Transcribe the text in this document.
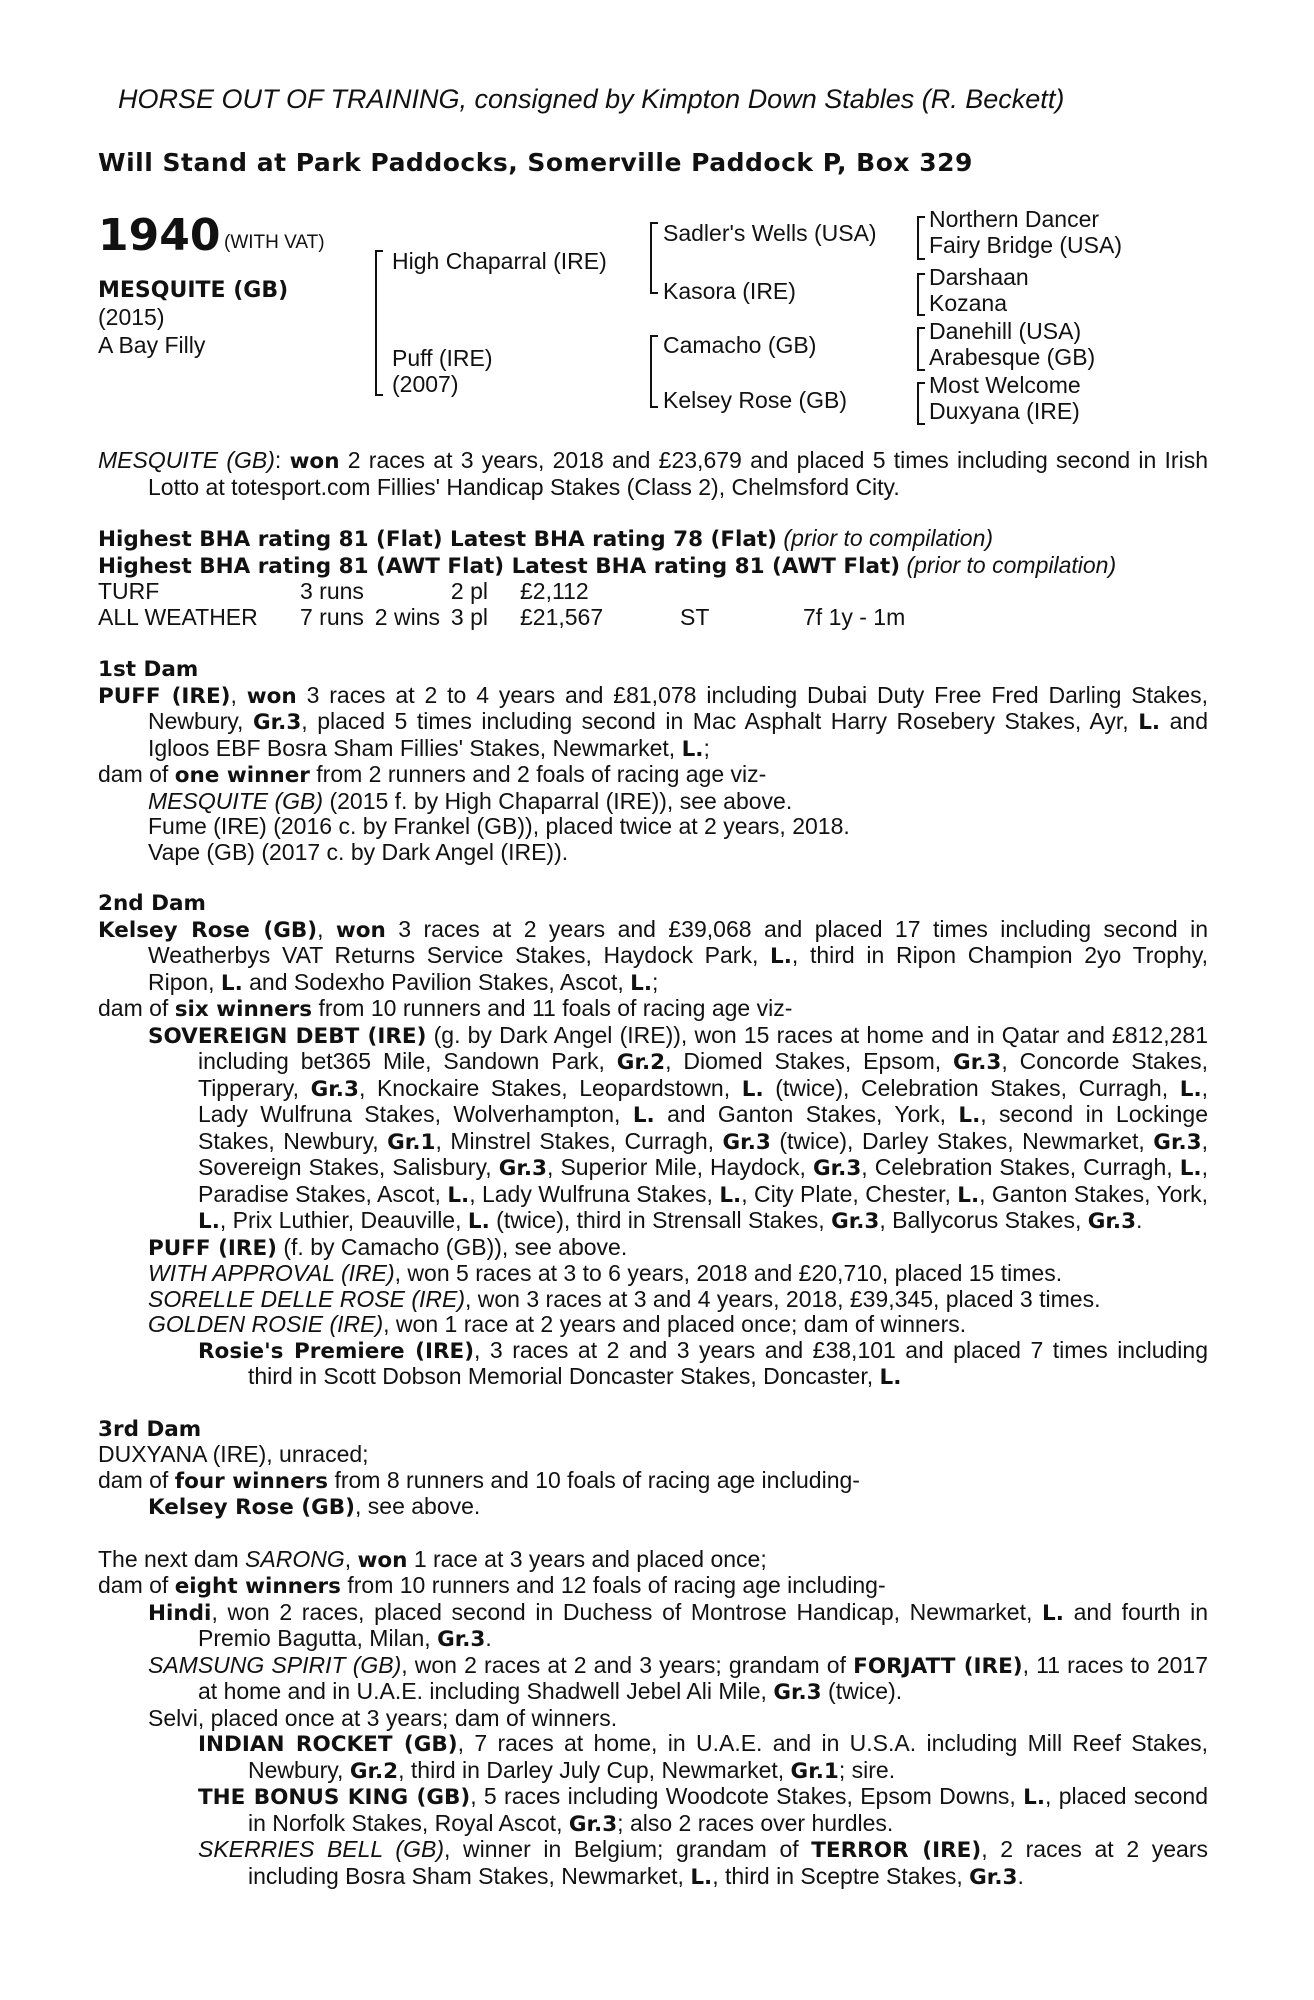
HORSE OUT OF TRAINING, consigned by Kimpton Down Stables (R. Beckett)
Will Stand at Park Paddocks, Somerville Paddock P, Box 329
1940 (WITH VAT)
MESQUITE (GB)
(2015)
A Bay Filly
High Chaparral (IRE)
Puff (IRE)
(2007)
Sadler's Wells (USA)
Kasora (IRE)
Camacho (GB)
Kelsey Rose (GB)
Northern Dancer
Fairy Bridge (USA)
Darshaan
Kozana
Danehill (USA)
Arabesque (GB)
Most Welcome
Duxyana (IRE)

MESQUITE (GB): won 2 races at 3 years, 2018 and £23,679 and placed 5 times including second in Irish Lotto at totesport.com Fillies' Handicap Stakes (Class 2), Chelmsford City.

Highest BHA rating 81 (Flat) Latest BHA rating 78 (Flat) (prior to compilation)

Highest BHA rating 81 (AWT Flat) Latest BHA rating 81 (AWT Flat) (prior to compilation)

TURF	3 runs		2 pl	£2,112		
ALL WEATHER	7 runs	2 wins	3 pl	£21,567	ST	7f 1y - 1m

1st Dam

PUFF (IRE), won 3 races at 2 to 4 years and £81,078 including Dubai Duty Free Fred Darling Stakes, Newbury, Gr.3, placed 5 times including second in Mac Asphalt Harry Rosebery Stakes, Ayr, L. and Igloos EBF Bosra Sham Fillies' Stakes, Newmarket, L.;

dam of one winner from 2 runners and 2 foals of racing age viz-

MESQUITE (GB) (2015 f. by High Chaparral (IRE)), see above.

Fume (IRE) (2016 c. by Frankel (GB)), placed twice at 2 years, 2018.

Vape (GB) (2017 c. by Dark Angel (IRE)).

2nd Dam

Kelsey Rose (GB), won 3 races at 2 years and £39,068 and placed 17 times including second in Weatherbys VAT Returns Service Stakes, Haydock Park, L., third in Ripon Champion 2yo Trophy, Ripon, L. and Sodexho Pavilion Stakes, Ascot, L.;

dam of six winners from 10 runners and 11 foals of racing age viz-

SOVEREIGN DEBT (IRE) (g. by Dark Angel (IRE)), won 15 races at home and in Qatar and £812,281 including bet365 Mile, Sandown Park, Gr.2, Diomed Stakes, Epsom, Gr.3, Concorde Stakes, Tipperary, Gr.3, Knockaire Stakes, Leopardstown, L. (twice), Celebration Stakes, Curragh, L., Lady Wulfruna Stakes, Wolverhampton, L. and Ganton Stakes, York, L., second in Lockinge Stakes, Newbury, Gr.1, Minstrel Stakes, Curragh, Gr.3 (twice), Darley Stakes, Newmarket, Gr.3, Sovereign Stakes, Salisbury, Gr.3, Superior Mile, Haydock, Gr.3, Celebration Stakes, Curragh, L., Paradise Stakes, Ascot, L., Lady Wulfruna Stakes, L., City Plate, Chester, L., Ganton Stakes, York, L., Prix Luthier, Deauville, L. (twice), third in Strensall Stakes, Gr.3, Ballycorus Stakes, Gr.3.

PUFF (IRE) (f. by Camacho (GB)), see above.

WITH APPROVAL (IRE), won 5 races at 3 to 6 years, 2018 and £20,710, placed 15 times.

SORELLE DELLE ROSE (IRE), won 3 races at 3 and 4 years, 2018, £39,345, placed 3 times.

GOLDEN ROSIE (IRE), won 1 race at 2 years and placed once; dam of winners.

Rosie's Premiere (IRE), 3 races at 2 and 3 years and £38,101 and placed 7 times including third in Scott Dobson Memorial Doncaster Stakes, Doncaster, L.

3rd Dam

DUXYANA (IRE), unraced;

dam of four winners from 8 runners and 10 foals of racing age including-

Kelsey Rose (GB), see above.

The next dam SARONG, won 1 race at 3 years and placed once;

dam of eight winners from 10 runners and 12 foals of racing age including-

Hindi, won 2 races, placed second in Duchess of Montrose Handicap, Newmarket, L. and fourth in Premio Bagutta, Milan, Gr.3.

SAMSUNG SPIRIT (GB), won 2 races at 2 and 3 years; grandam of FORJATT (IRE), 11 races to 2017 at home and in U.A.E. including Shadwell Jebel Ali Mile, Gr.3 (twice).

Selvi, placed once at 3 years; dam of winners.

INDIAN ROCKET (GB), 7 races at home, in U.A.E. and in U.S.A. including Mill Reef Stakes, Newbury, Gr.2, third in Darley July Cup, Newmarket, Gr.1; sire.

THE BONUS KING (GB), 5 races including Woodcote Stakes, Epsom Downs, L., placed second in Norfolk Stakes, Royal Ascot, Gr.3; also 2 races over hurdles.

SKERRIES BELL (GB), winner in Belgium; grandam of TERROR (IRE), 2 races at 2 years including Bosra Sham Stakes, Newmarket, L., third in Sceptre Stakes, Gr.3.
